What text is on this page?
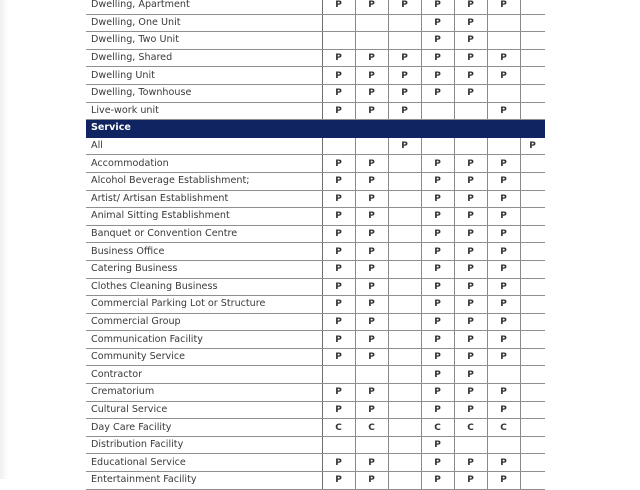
Dwelling, Apartment	P	P	P	P	P	P	
Dwelling, One Unit				P	P		
Dwelling, Two Unit				P	P		
Dwelling, Shared	P	P	P	P	P	P	
Dwelling Unit	P	P	P	P	P	P	
Dwelling, Townhouse	P	P	P	P	P		
Live-work unit	P	P	P			P	
Service							
All			P				P
Accommodation	P	P		P	P	P	
Alcohol Beverage Establishment;	P	P		P	P	P	
Artist/ Artisan Establishment	P	P		P	P	P	
Animal Sitting Establishment	P	P		P	P	P	
Banquet or Convention Centre	P	P		P	P	P	
Business Office	P	P		P	P	P	
Catering Business	P	P		P	P	P	
Clothes Cleaning Business	P	P		P	P	P	
Commercial Parking Lot or Structure	P	P		P	P	P	
Commercial Group	P	P		P	P	P	
Communication Facility	P	P		P	P	P	
Community Service	P	P		P	P	P	
Contractor				P	P		
Crematorium	P	P		P	P	P	
Cultural Service	P	P		P	P	P	
Day Care Facility	C	C		C	C	C	
Distribution Facility				P			
Educational Service	P	P		P	P	P	
Entertainment Facility	P	P		P	P	P	
